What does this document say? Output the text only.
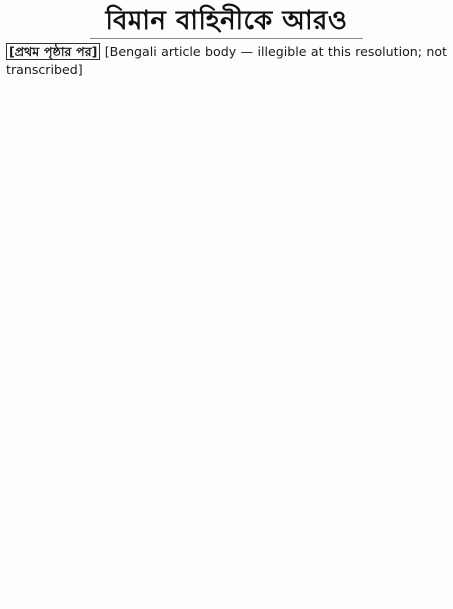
বিমান বাহিনীকে আরও
[প্রথম পৃষ্ঠার পর] [Bengali article body — illegible at this resolution; not transcribed]
